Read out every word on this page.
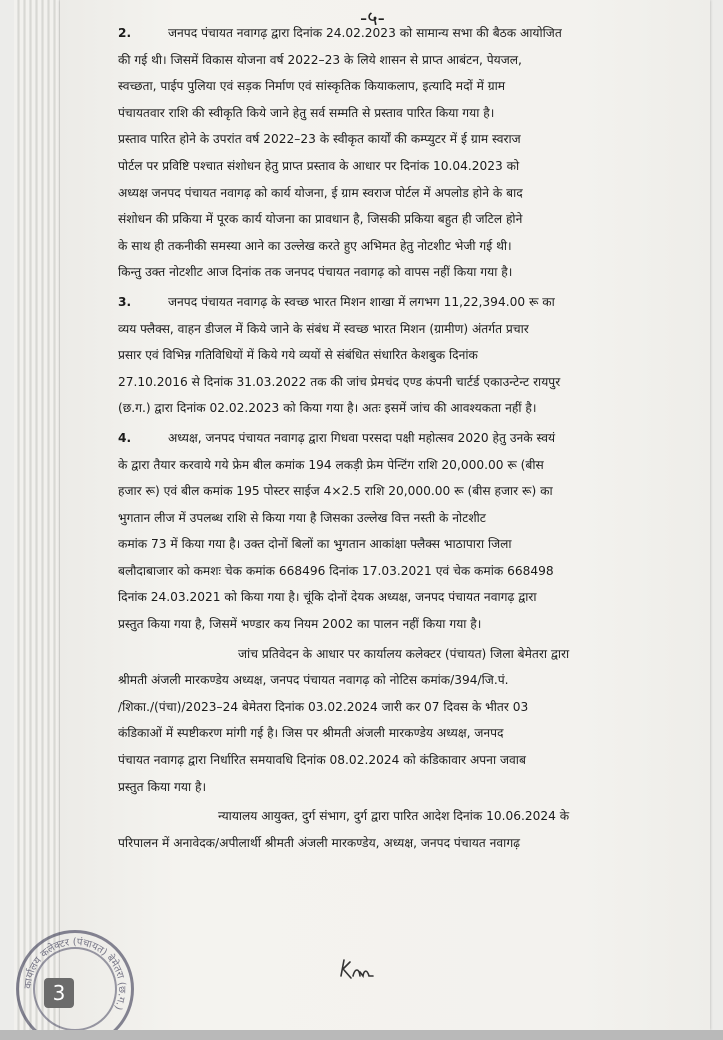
-५-

2.	जनपद पंचायत नवागढ़ द्वारा दिनांक 24.02.2023 को सामान्य सभा की बैठक आयोजित
की गई थी। जिसमें विकास योजना वर्ष 2022–23 के लिये शासन से प्राप्त आबंटन, पेयजल,
स्वच्छता, पाईप पुलिया एवं सड़क निर्माण एवं सांस्कृतिक कियाकलाप, इत्यादि मदों में ग्राम
पंचायतवार राशि की स्वीकृति किये जाने हेतु सर्व सम्मति से प्रस्ताव पारित किया गया है।
प्रस्ताव पारित होने के उपरांत वर्ष 2022–23 के स्वीकृत कार्यों की कम्प्युटर में ई ग्राम स्वराज
पोर्टल पर प्रविष्टि पश्चात संशोधन हेतु प्राप्त प्रस्ताव के आधार पर दिनांक 10.04.2023 को
अध्यक्ष जनपद पंचायत नवागढ़ को कार्य योजना, ई ग्राम स्वराज पोर्टल में अपलोड होने के बाद
संशोधन की प्रकिया में पूरक कार्य योजना का प्रावधान है, जिसकी प्रकिया बहुत ही जटिल होने
के साथ ही तकनीकी समस्या आने का उल्लेख करते हुए अभिमत हेतु नोटशीट भेजी गई थी।
किन्तु उक्त नोटशीट आज दिनांक तक जनपद पंचायत नवागढ़ को वापस नहीं किया गया है।

3.	जनपद पंचायत नवागढ़ के स्वच्छ भारत मिशन शाखा में लगभग 11,22,394.00 रू का
व्यय फ्लैक्स, वाहन डीजल में किये जाने के संबंध में स्वच्छ भारत मिशन (ग्रामीण) अंतर्गत प्रचार
प्रसार एवं विभिन्न गतिविधियों में किये गये व्ययों से संबंधित संधारित केशबुक दिनांक
27.10.2016 से दिनांक 31.03.2022 तक की जांच प्रेमचंद एण्ड कंपनी चार्टर्ड एकाउन्टेन्ट रायपुर
(छ.ग.) द्वारा दिनांक 02.02.2023 को किया गया है। अतः इसमें जांच की आवश्यकता नहीं है।

4.	अध्यक्ष, जनपद पंचायत नवागढ़ द्वारा गिधवा परसदा पक्षी महोत्सव 2020 हेतु उनके स्वयं
के द्वारा तैयार करवाये गये फ्रेम बील कमांक 194 लकड़ी फ्रेम पेन्टिंग राशि 20,000.00 रू (बीस
हजार रू) एवं बील कमांक 195 पोस्टर साईज 4×2.5 राशि 20,000.00 रू (बीस हजार रू) का
भुगतान लीज में उपलब्ध राशि से किया गया है जिसका उल्लेख वित्त नस्ती के नोटशीट
कमांक 73 में किया गया है। उक्त दोनों बिलों का भुगतान आकांक्षा फ्लैक्स भाठापारा जिला
बलौदाबाजार को कमशः चेक कमांक 668496 दिनांक 17.03.2021 एवं चेक कमांक 668498
दिनांक 24.03.2021 को किया गया है। चूंकि दोनों देयक अध्यक्ष, जनपद पंचायत नवागढ़ द्वारा
प्रस्तुत किया गया है, जिसमें भण्डार कय नियम 2002 का पालन नहीं किया गया है।

जांच प्रतिवेदन के आधार पर कार्यालय कलेक्टर (पंचायत) जिला बेमेतरा द्वारा
श्रीमती अंजली मारकण्डेय अध्यक्ष, जनपद पंचायत नवागढ़ को नोटिस कमांक/394/जि.पं.
/शिका./(पंचा)/2023–24 बेमेतरा दिनांक 03.02.2024 जारी कर 07 दिवस के भीतर 03
कंडिकाओं में स्पष्टीकरण मांगी गई है। जिस पर श्रीमती अंजली मारकण्डेय अध्यक्ष, जनपद
पंचायत नवागढ़ द्वारा निर्धारित समयावधि दिनांक 08.02.2024 को कंडिकावार अपना जवाब
प्रस्तुत किया गया है।

न्यायालय आयुक्त, दुर्ग संभाग, दुर्ग द्वारा पारित आदेश दिनांक 10.06.2024 के
परिपालन में अनावेदक/अपीलार्थी श्रीमती अंजली मारकण्डेय, अध्यक्ष, जनपद पंचायत नवागढ़

कार्यालय कलेक्टर (पंचायत) बेमेतरा (छ.ग.)
3
